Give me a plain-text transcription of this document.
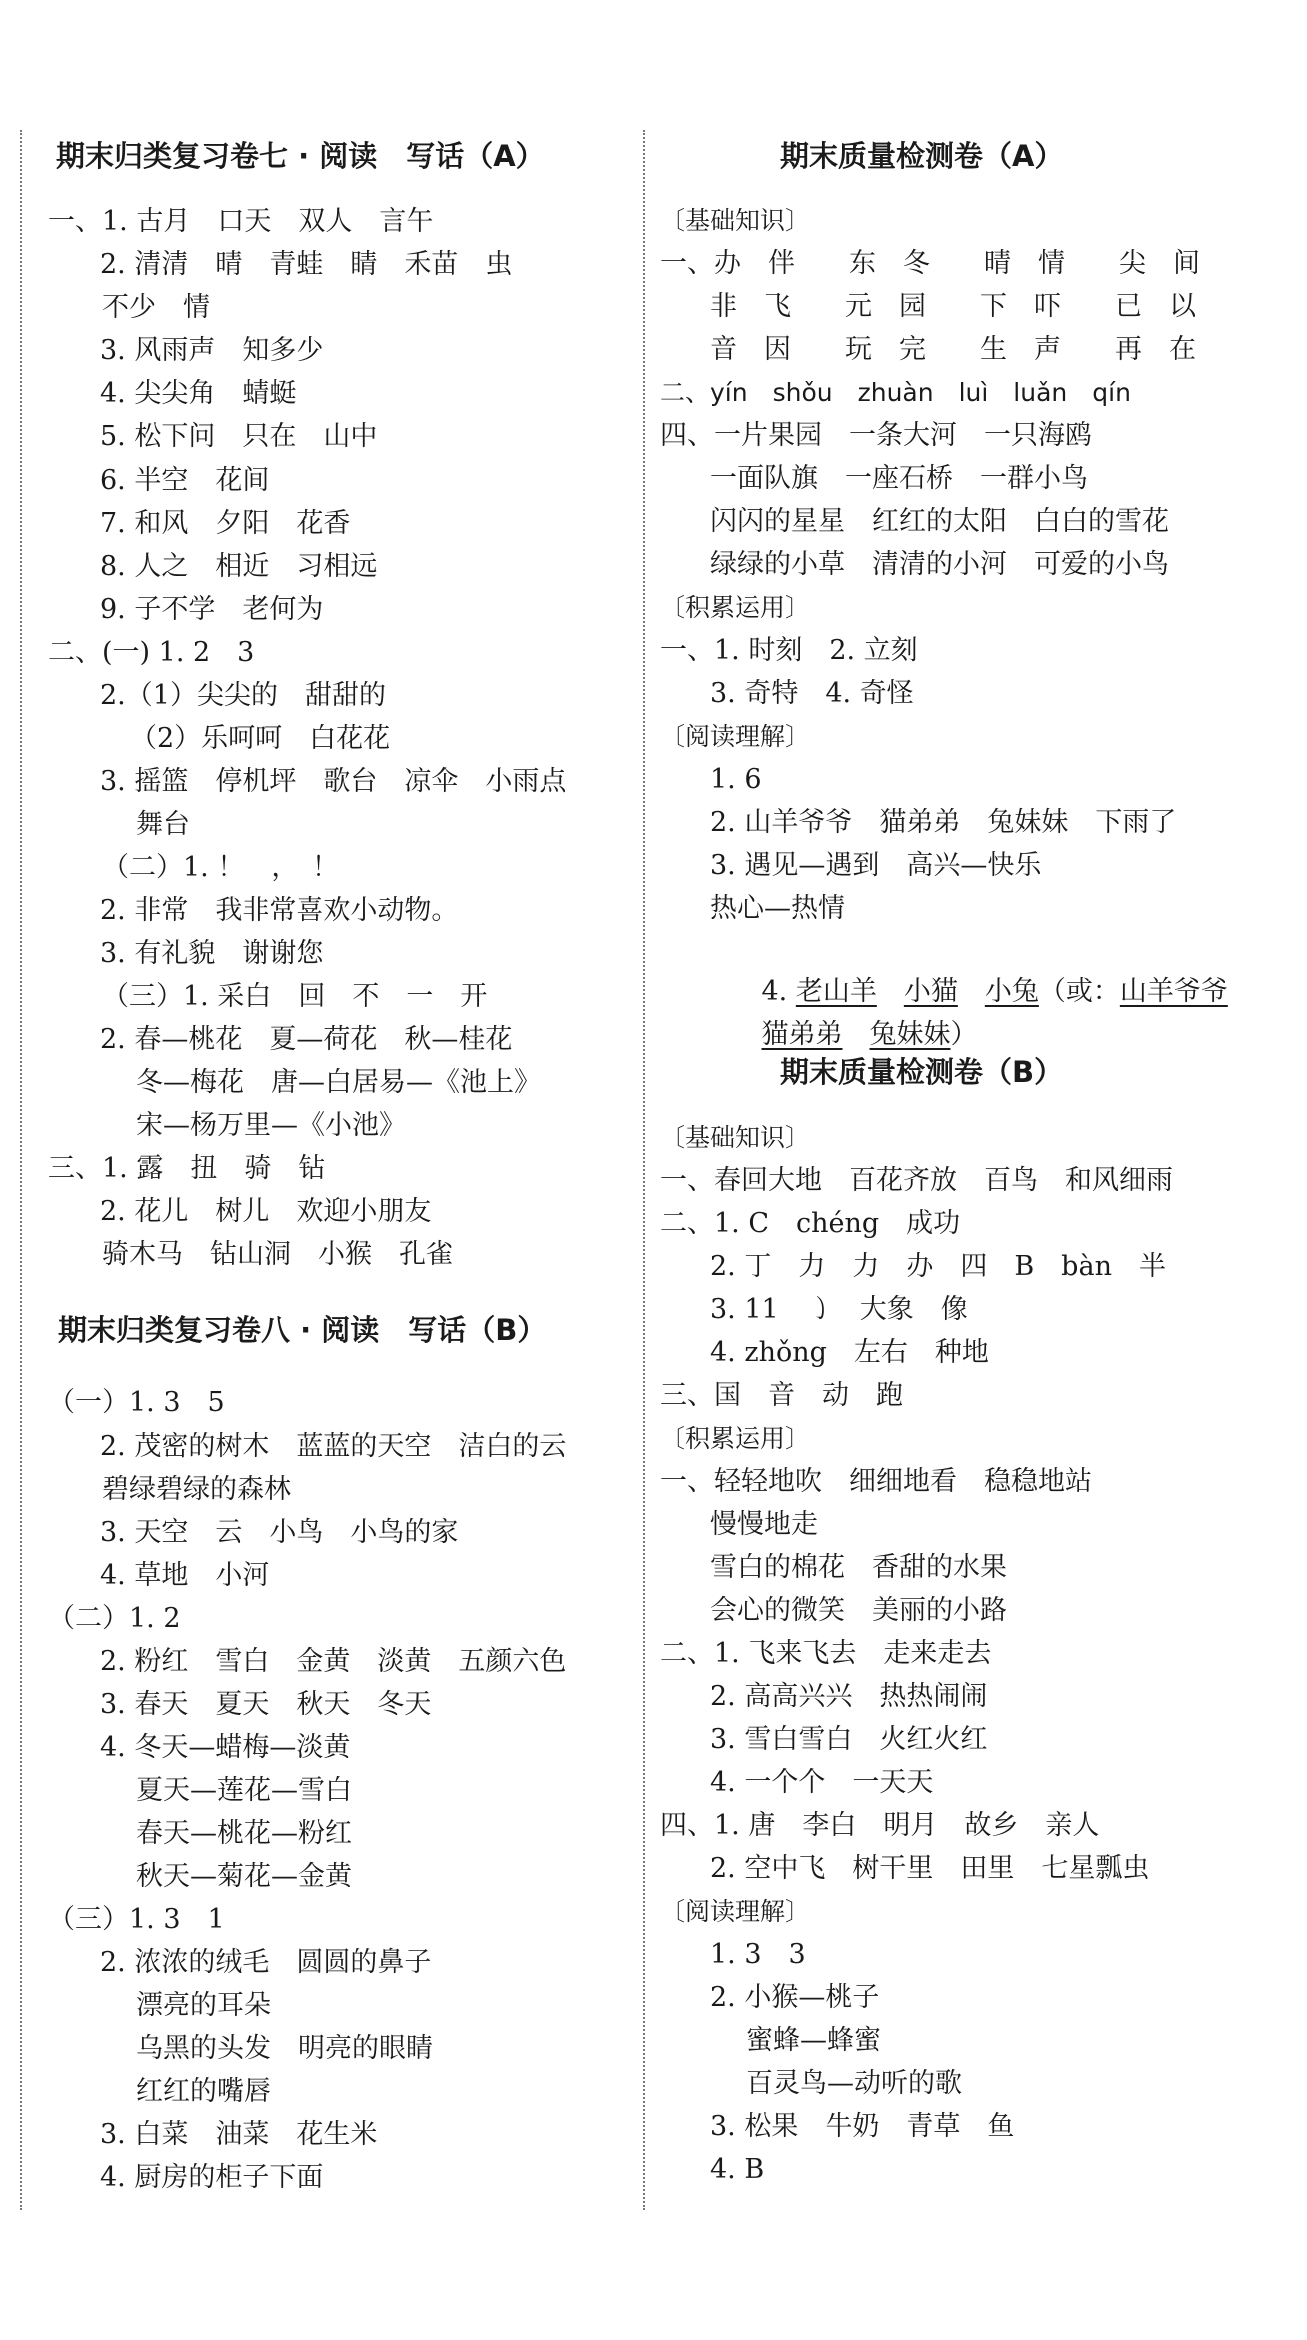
期末归类复习卷七 · 阅读　写话（A）
一、1. 古月　口天　双人　言午
2. 清清　晴　青蛙　睛　禾苗　虫
不少　情
3. 风雨声　知多少
4. 尖尖角　蜻蜓
5. 松下问　只在　山中
6. 半空　花间
7. 和风　夕阳　花香
8. 人之　相近　习相远
9. 子不学　老何为
二、(一) 1. 2　3
2.（1）尖尖的　甜甜的
（2）乐呵呵　白花花
3. 摇篮　停机坪　歌台　凉伞　小雨点
舞台
（二）1. ！　，　！
2. 非常　我非常喜欢小动物。
3. 有礼貌　谢谢您
（三）1. 采白　回　不　一　开
2. 春—桃花　夏—荷花　秋—桂花
冬—梅花　唐—白居易—《池上》
宋—杨万里—《小池》
三、1. 露　扭　骑　钻
2. 花儿　树儿　欢迎小朋友
骑木马　钻山洞　小猴　孔雀
期末归类复习卷八 · 阅读　写话（B）
（一）1. 3　5
2. 茂密的树木　蓝蓝的天空　洁白的云
碧绿碧绿的森林
3. 天空　云　小鸟　小鸟的家
4. 草地　小河
（二）1. 2
2. 粉红　雪白　金黄　淡黄　五颜六色
3. 春天　夏天　秋天　冬天
4. 冬天—蜡梅—淡黄
夏天—莲花—雪白
春天—桃花—粉红
秋天—菊花—金黄
（三）1. 3　1
2. 浓浓的绒毛　圆圆的鼻子
漂亮的耳朵
乌黑的头发　明亮的眼睛
红红的嘴唇
3. 白菜　油菜　花生米
4. 厨房的柜子下面
期末质量检测卷（A）
〔基础知识〕
一、办　伴　　东　冬　　晴　情　　尖　间
非　飞　　元　园　　下　吓　　已　以
音　因　　玩　完　　生　声　　再　在
二、yín　shǒu　zhuàn　luì　luǎn　qín
四、一片果园　一条大河　一只海鸥
一面队旗　一座石桥　一群小鸟
闪闪的星星　红红的太阳　白白的雪花
绿绿的小草　清清的小河　可爱的小鸟
〔积累运用〕
一、1. 时刻　2. 立刻
3. 奇特　4. 奇怪
〔阅读理解〕
1. 6
2. 山羊爷爷　猫弟弟　兔妹妹　下雨了
3. 遇见—遇到　高兴—快乐
热心—热情

4. 老山羊　 小猫　 小兔（或：山羊爷爷

猫弟弟　 兔妹妹）

期末质量检测卷（B）
〔基础知识〕
一、春回大地　百花齐放　百鸟　和风细雨
二、1. C　chéng　成功
2. 丁　力　力　办　四　B　bàn　半
3. 11　㇁　大象　像
4. zhǒng　左右　种地
三、国　音　动　跑
〔积累运用〕
一、轻轻地吹　细细地看　稳稳地站
慢慢地走
雪白的棉花　香甜的水果
会心的微笑　美丽的小路
二、1. 飞来飞去　走来走去
2. 高高兴兴　热热闹闹
3. 雪白雪白　火红火红
4. 一个个　一天天
四、1. 唐　李白　明月　故乡　亲人
2. 空中飞　树干里　田里　七星瓢虫
〔阅读理解〕
1. 3　3
2. 小猴—桃子
蜜蜂—蜂蜜
百灵鸟—动听的歌
3. 松果　牛奶　青草　鱼
4. B
